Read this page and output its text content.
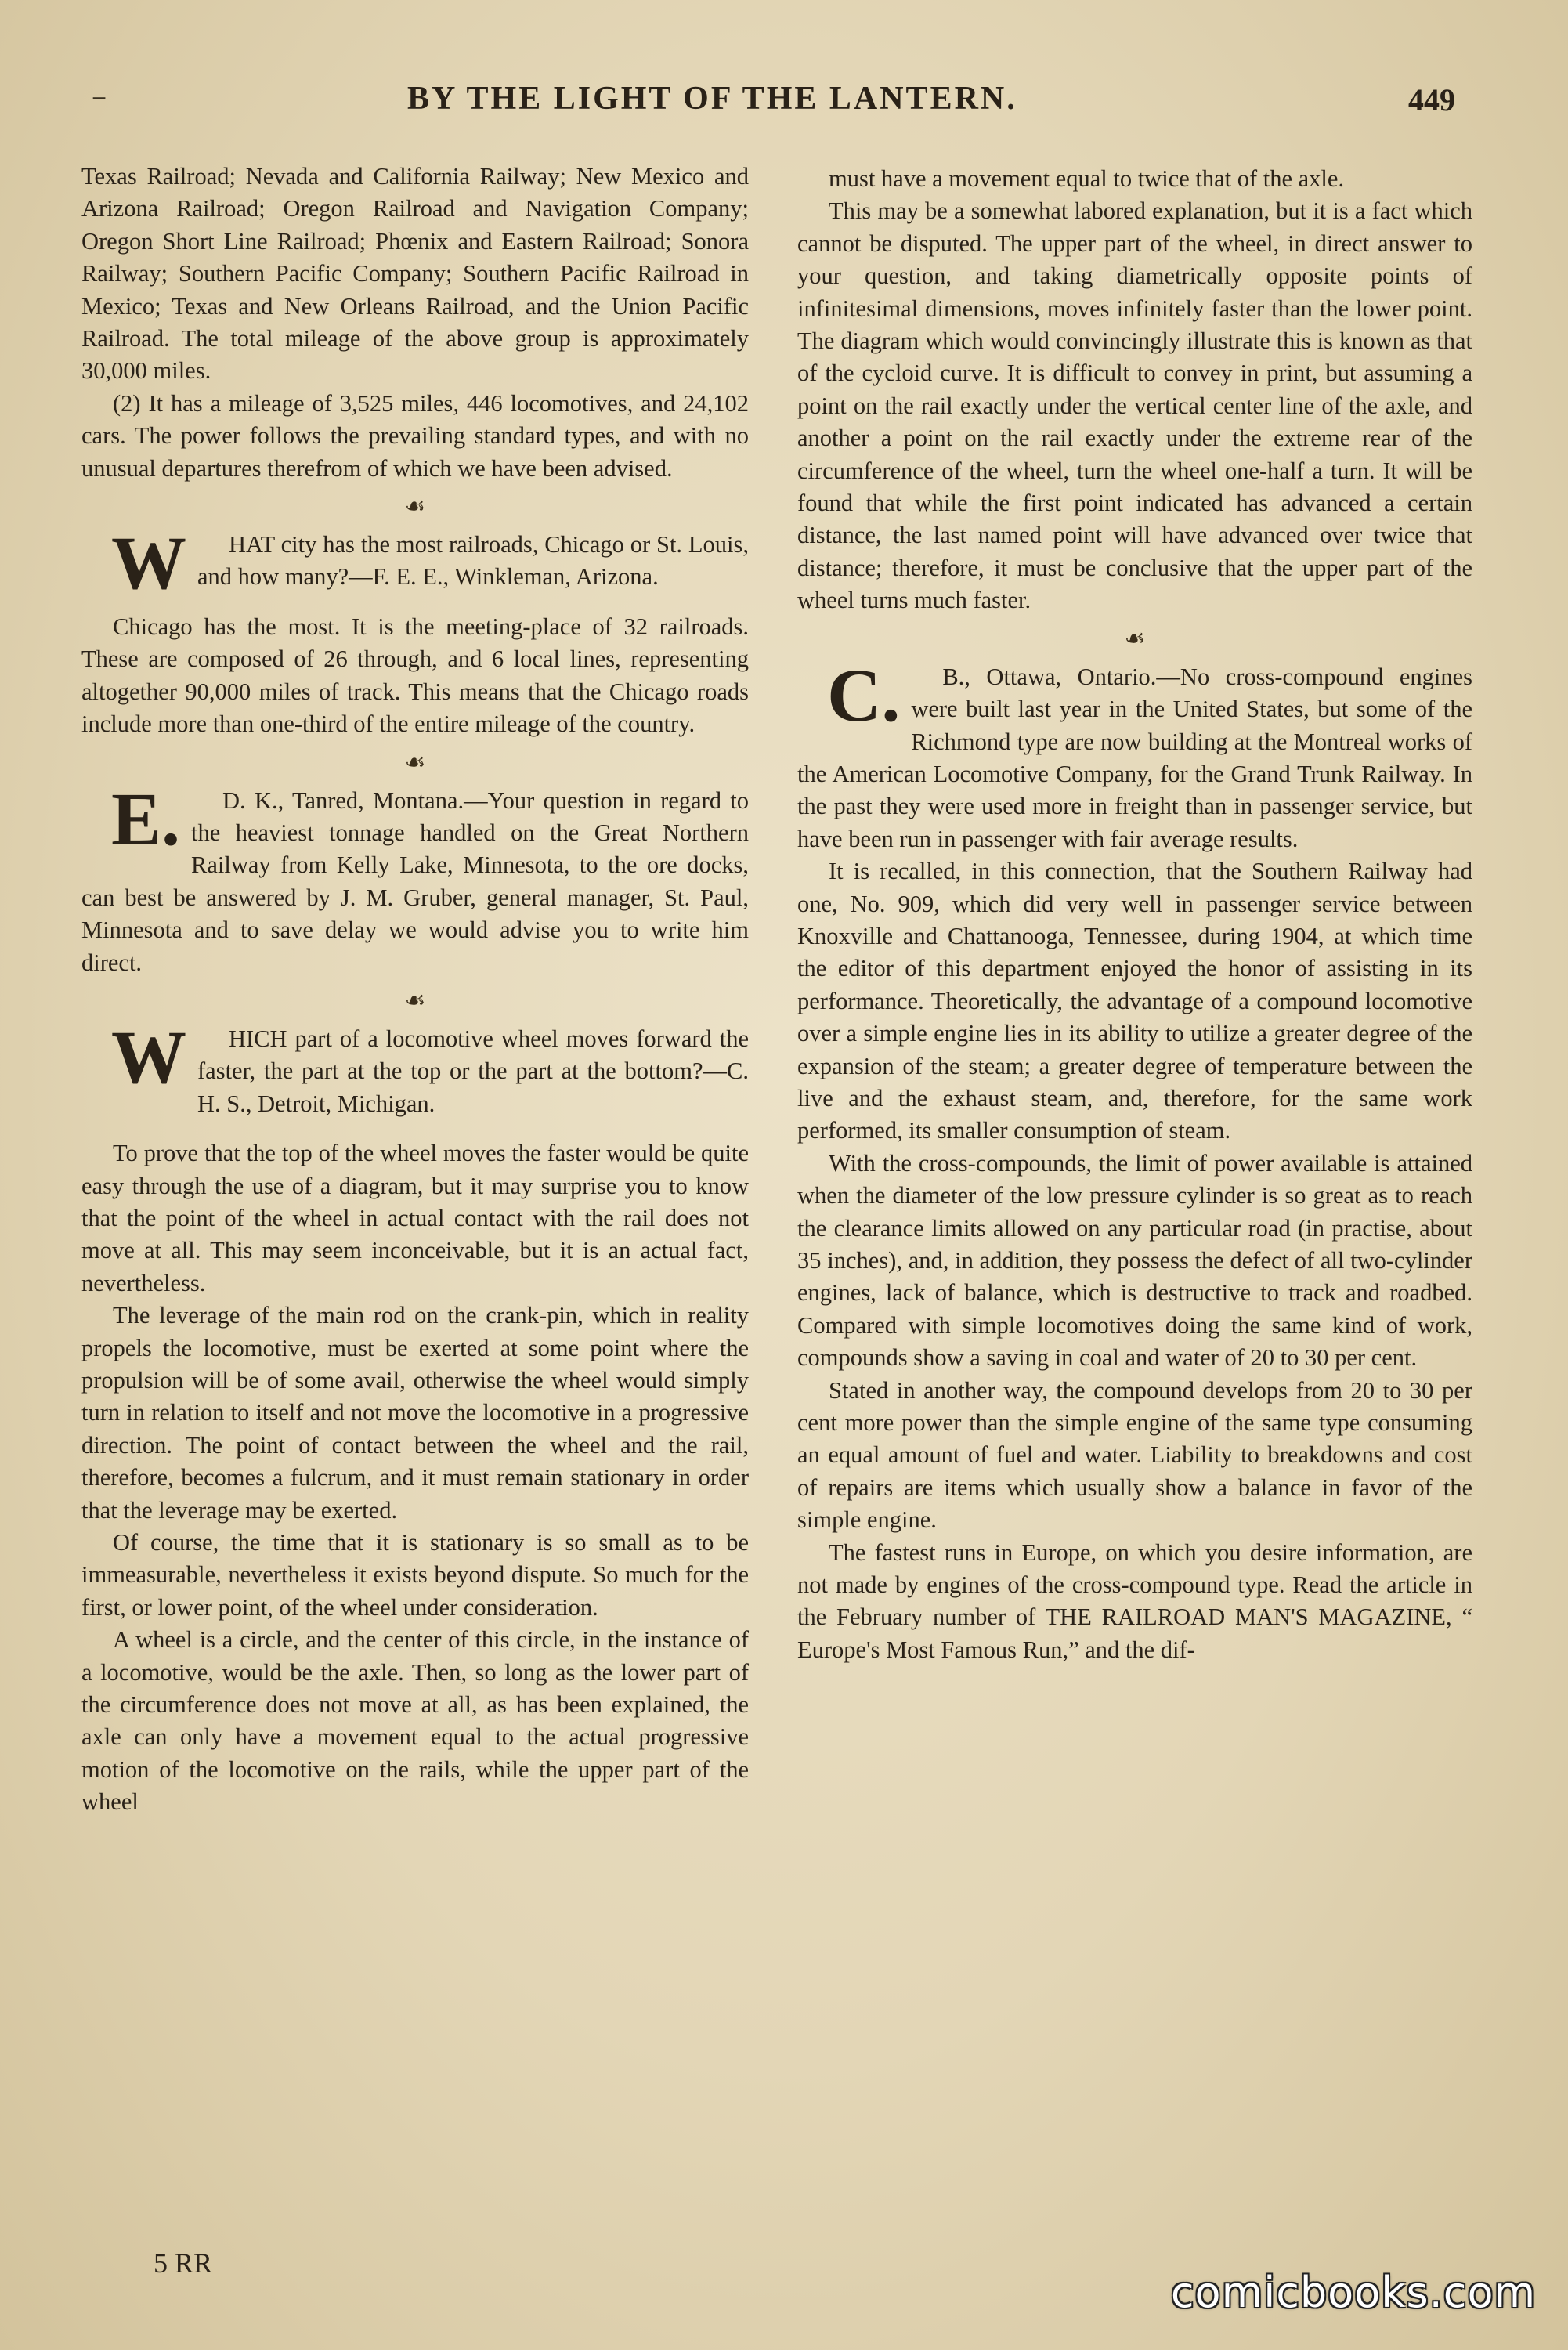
⁻	BY THE LIGHT OF THE LANTERN.	449

Texas Railroad; Nevada and California Railway; New Mexico and Arizona Railroad; Oregon Railroad and Navigation Company; Oregon Short Line Railroad; Phœnix and Eastern Railroad; Sonora Railway; Southern Pacific Company; Southern Pacific Railroad in Mexico; Texas and New Orleans Railroad, and the Union Pacific Railroad. The total mileage of the above group is approximately 30,000 miles.

(2) It has a mileage of 3,525 miles, 446 locomotives, and 24,102 cars. The power follows the prevailing standard types, and with no unusual departures therefrom of which we have been advised.

☙

W HAT city has the most railroads, Chicago or St. Louis, and how many?—F. E. E., Winkleman, Arizona.

Chicago has the most. It is the meeting-place of 32 railroads. These are composed of 26 through, and 6 local lines, representing altogether 90,000 miles of track. This means that the Chicago roads include more than one-third of the entire mileage of the country.

☙

E. D. K., Tanred, Montana.—Your question in regard to the heaviest tonnage handled on the Great Northern Railway from Kelly Lake, Minnesota, to the ore docks, can best be answered by J. M. Gruber, general manager, St. Paul, Minnesota and to save delay we would advise you to write him direct.

☙

W HICH part of a locomotive wheel moves forward the faster, the part at the top or the part at the bottom?—C. H. S., Detroit, Michigan.

To prove that the top of the wheel moves the faster would be quite easy through the use of a diagram, but it may surprise you to know that the point of the wheel in actual contact with the rail does not move at all. This may seem inconceivable, but it is an actual fact, nevertheless.

The leverage of the main rod on the crank-pin, which in reality propels the locomotive, must be exerted at some point where the propulsion will be of some avail, otherwise the wheel would simply turn in relation to itself and not move the locomotive in a progressive direction. The point of contact between the wheel and the rail, therefore, becomes a fulcrum, and it must remain stationary in order that the leverage may be exerted.

Of course, the time that it is stationary is so small as to be immeasurable, nevertheless it exists beyond dispute. So much for the first, or lower point, of the wheel under consideration.

A wheel is a circle, and the center of this circle, in the instance of a locomotive, would be the axle. Then, so long as the lower part of the circumference does not move at all, as has been explained, the axle can only have a movement equal to the actual progressive motion of the locomotive on the rails, while the upper part of the wheel

must have a movement equal to twice that of the axle.

This may be a somewhat labored explanation, but it is a fact which cannot be disputed. The upper part of the wheel, in direct answer to your question, and taking diametrically opposite points of infinitesimal dimensions, moves infinitely faster than the lower point. The diagram which would convincingly illustrate this is known as that of the cycloid curve. It is difficult to convey in print, but assuming a point on the rail exactly under the vertical center line of the axle, and another a point on the rail exactly under the extreme rear of the circumference of the wheel, turn the wheel one-half a turn. It will be found that while the first point indicated has advanced a certain distance, the last named point will have advanced over twice that distance; therefore, it must be conclusive that the upper part of the wheel turns much faster.

☙

C. B., Ottawa, Ontario.—No cross-compound engines were built last year in the United States, but some of the Richmond type are now building at the Montreal works of the American Locomotive Company, for the Grand Trunk Railway. In the past they were used more in freight than in passenger service, but have been run in passenger with fair average results.

It is recalled, in this connection, that the Southern Railway had one, No. 909, which did very well in passenger service between Knoxville and Chattanooga, Tennessee, during 1904, at which time the editor of this department enjoyed the honor of assisting in its performance. Theoretically, the advantage of a compound locomotive over a simple engine lies in its ability to utilize a greater degree of the expansion of the steam; a greater degree of temperature between the live and the exhaust steam, and, therefore, for the same work performed, its smaller consumption of steam.

With the cross-compounds, the limit of power available is attained when the diameter of the low pressure cylinder is so great as to reach the clearance limits allowed on any particular road (in practise, about 35 inches), and, in addition, they possess the defect of all two-cylinder engines, lack of balance, which is destructive to track and roadbed. Compared with simple locomotives doing the same kind of work, compounds show a saving in coal and water of 20 to 30 per cent.

Stated in another way, the compound develops from 20 to 30 per cent more power than the simple engine of the same type consuming an equal amount of fuel and water. Liability to breakdowns and cost of repairs are items which usually show a balance in favor of the simple engine.

The fastest runs in Europe, on which you desire information, are not made by engines of the cross-compound type. Read the article in the February number of THE RAILROAD MAN'S MAGAZINE, “ Europe's Most Famous Run,” and the dif-

5 RR
comicbooks.com
